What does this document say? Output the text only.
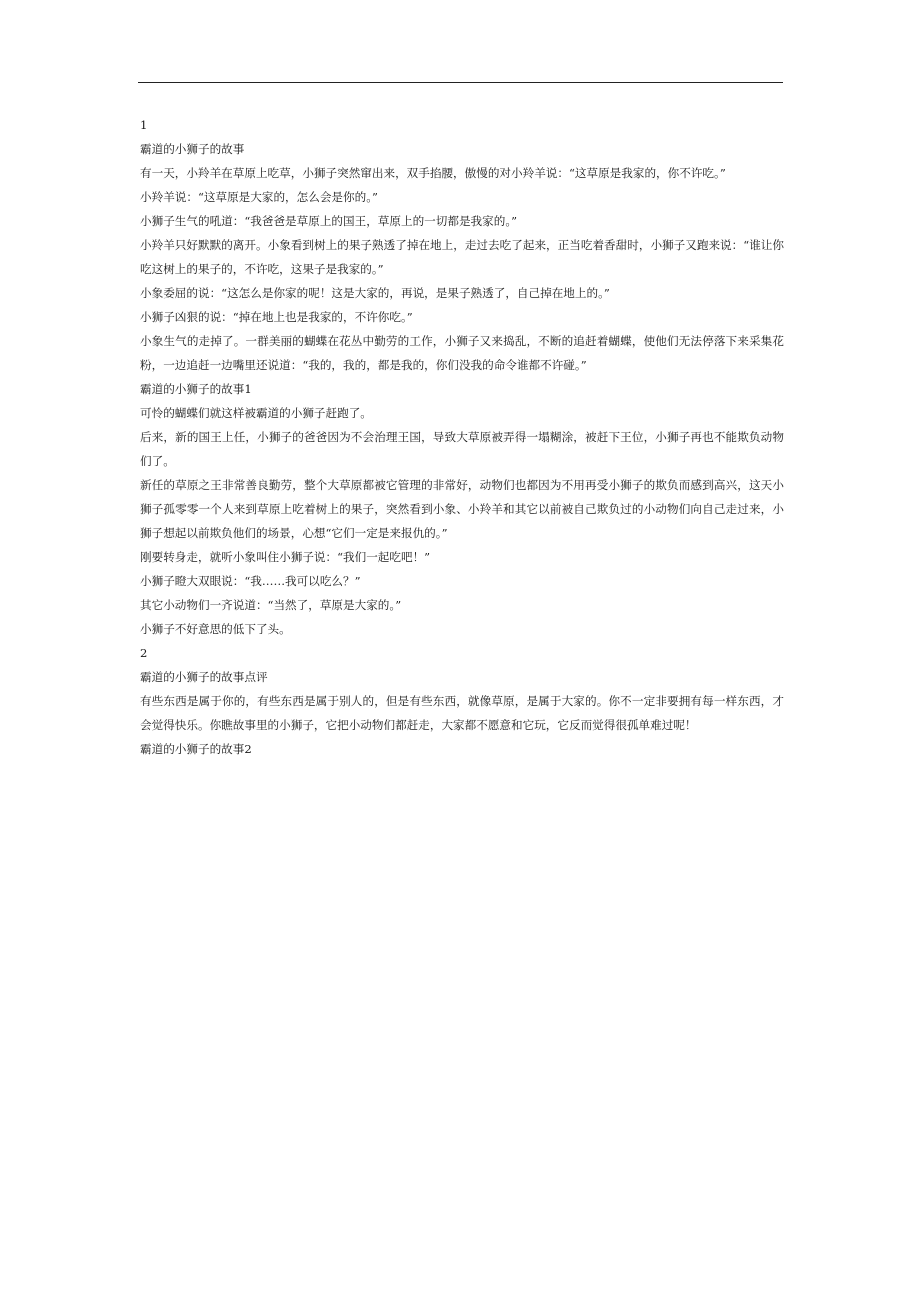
1

霸道的小狮子的故事

有一天，小羚羊在草原上吃草，小狮子突然窜出来，双手掐腰，傲慢的对小羚羊说：“这草原是我家的，你不许吃。”

小羚羊说：“这草原是大家的，怎么会是你的。”

小狮子生气的吼道：“我爸爸是草原上的国王，草原上的一切都是我家的。”

小羚羊只好默默的离开。小象看到树上的果子熟透了掉在地上，走过去吃了起来，正当吃着香甜时，小狮子又跑来说：“谁让你吃这树上的果子的，不许吃，这果子是我家的。”

小象委屈的说：“这怎么是你家的呢！这是大家的，再说，是果子熟透了，自己掉在地上的。”

小狮子凶狠的说：“掉在地上也是我家的，不许你吃。”

小象生气的走掉了。一群美丽的蝴蝶在花丛中勤劳的工作，小狮子又来捣乱，不断的追赶着蝴蝶，使他们无法停落下来采集花粉，一边追赶一边嘴里还说道：“我的，我的，都是我的，你们没我的命令谁都不许碰。”

霸道的小狮子的故事1

可怜的蝴蝶们就这样被霸道的小狮子赶跑了。

后来，新的国王上任，小狮子的爸爸因为不会治理王国，导致大草原被弄得一塌糊涂，被赶下王位，小狮子再也不能欺负动物们了。

新任的草原之王非常善良勤劳，整个大草原都被它管理的非常好，动物们也都因为不用再受小狮子的欺负而感到高兴，这天小狮子孤零零一个人来到草原上吃着树上的果子，突然看到小象、小羚羊和其它以前被自己欺负过的小动物们向自己走过来，小狮子想起以前欺负他们的场景，心想“它们一定是来报仇的。”

刚要转身走，就听小象叫住小狮子说：“我们一起吃吧！”

小狮子瞪大双眼说：“我……我可以吃么？”

其它小动物们一齐说道：“当然了，草原是大家的。”

小狮子不好意思的低下了头。

2

霸道的小狮子的故事点评

有些东西是属于你的，有些东西是属于别人的，但是有些东西，就像草原，是属于大家的。你不一定非要拥有每一样东西，才会觉得快乐。你瞧故事里的小狮子，它把小动物们都赶走，大家都不愿意和它玩，它反而觉得很孤单难过呢！

霸道的小狮子的故事2
